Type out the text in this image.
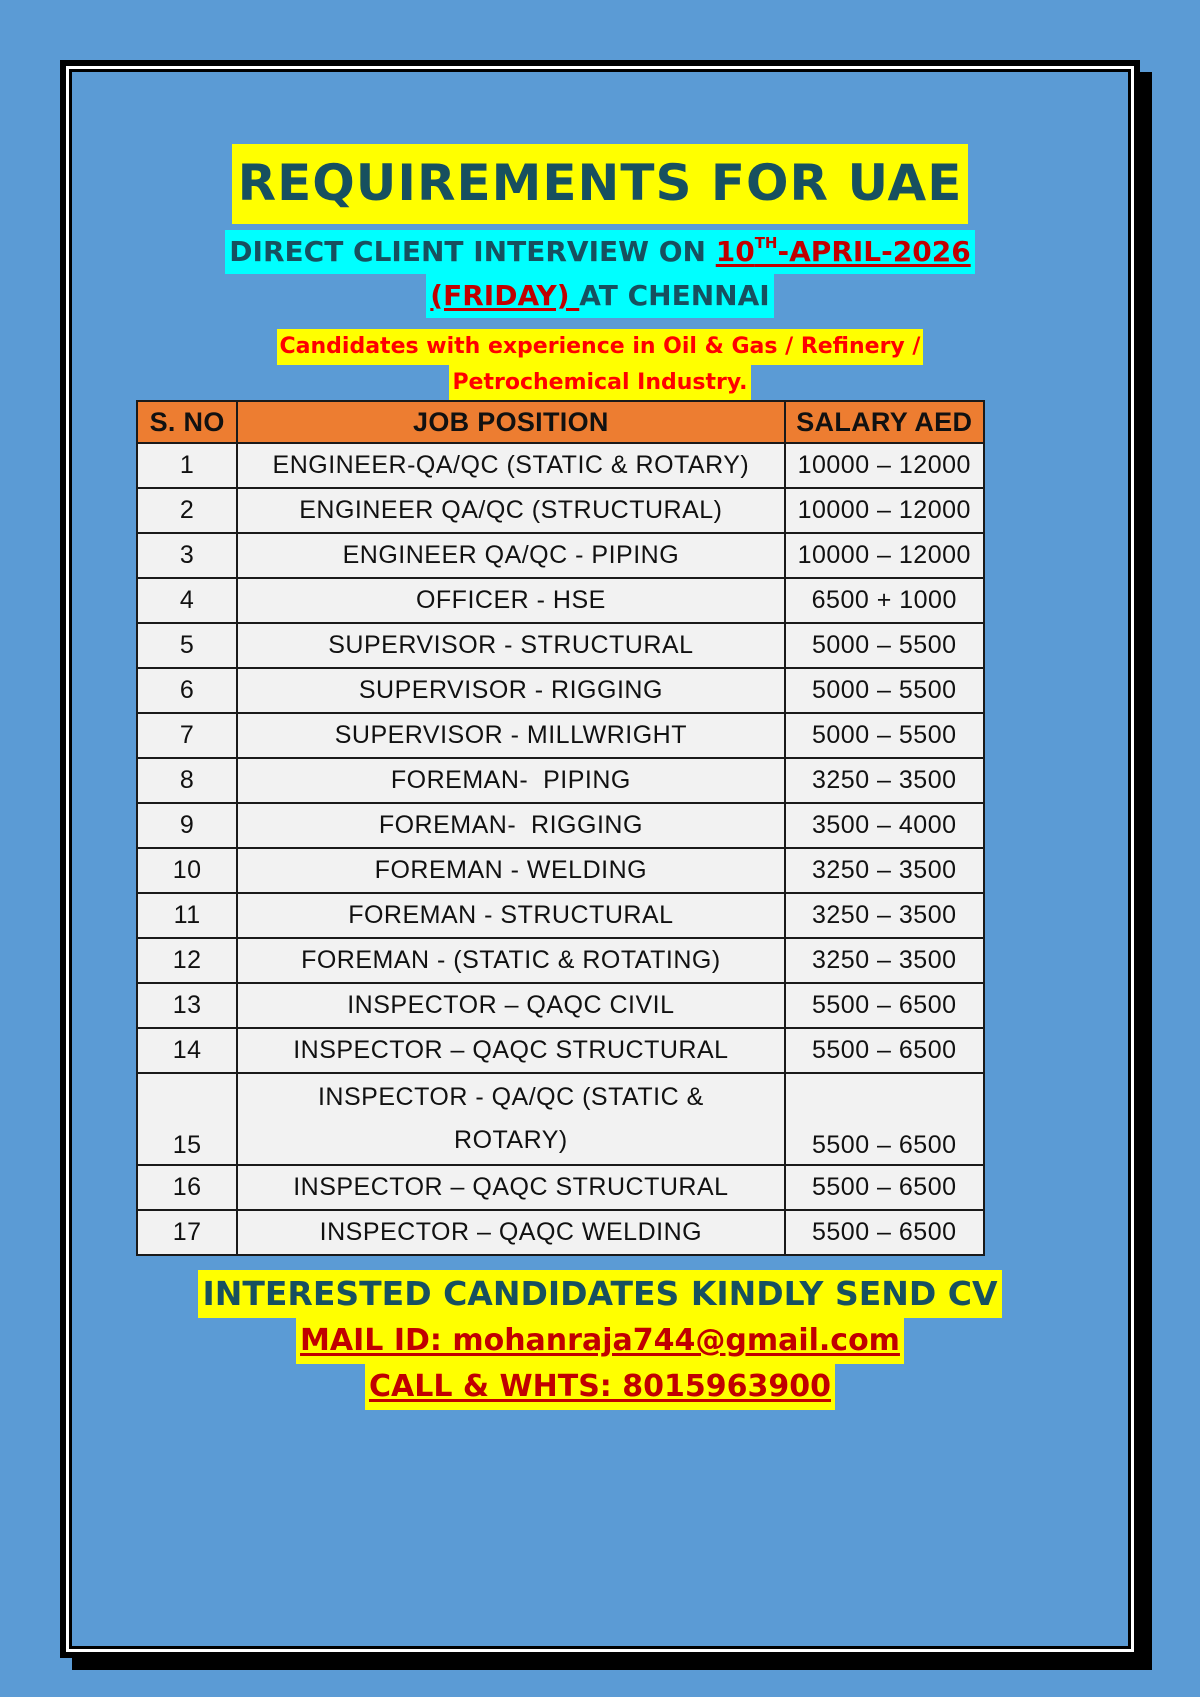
REQUIREMENTS FOR UAE
DIRECT CLIENT INTERVIEW ON 10TH-APRIL-2026
(FRIDAY) AT CHENNAI
Candidates with experience in Oil & Gas / Refinery /
Petrochemical Industry.
S. NO	JOB POSITION	SALARY AED
1	ENGINEER-QA/QC (STATIC & ROTARY)	10000 – 12000
2	ENGINEER QA/QC (STRUCTURAL)	10000 – 12000
3	ENGINEER QA/QC - PIPING	10000 – 12000
4	OFFICER - HSE	6500 + 1000
5	SUPERVISOR - STRUCTURAL	5000 – 5500
6	SUPERVISOR - RIGGING	5000 – 5500
7	SUPERVISOR - MILLWRIGHT	5000 – 5500
8	FOREMAN-  PIPING	3250 – 3500
9	FOREMAN-  RIGGING	3500 – 4000
10	FOREMAN - WELDING	3250 – 3500
11	FOREMAN - STRUCTURAL	3250 – 3500
12	FOREMAN - (STATIC & ROTATING)	3250 – 3500
13	INSPECTOR – QAQC CIVIL	5500 – 6500
14	INSPECTOR – QAQC STRUCTURAL	5500 – 6500
15	INSPECTOR - QA/QC (STATIC &
ROTARY)	5500 – 6500
16	INSPECTOR – QAQC STRUCTURAL	5500 – 6500
17	INSPECTOR – QAQC WELDING	5500 – 6500
INTERESTED CANDIDATES KINDLY SEND CV
MAIL ID: mohanraja744@gmail.com
CALL & WHTS: 8015963900
